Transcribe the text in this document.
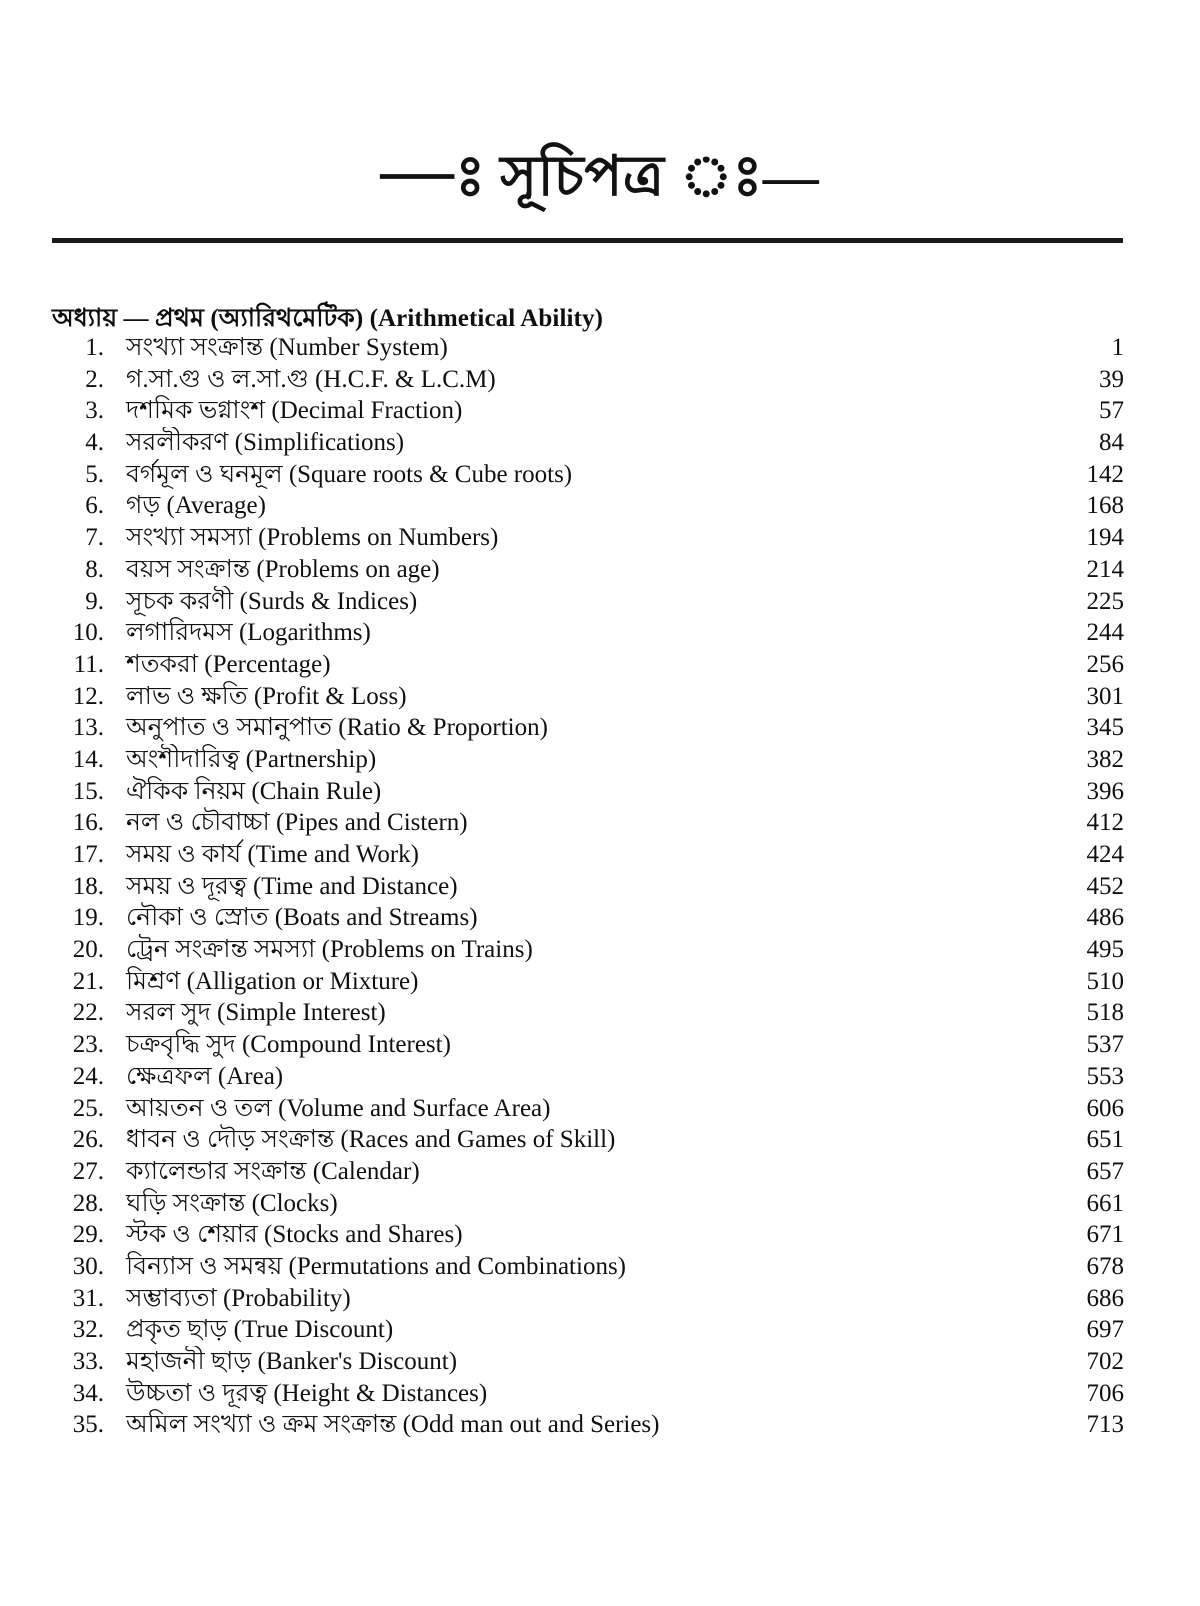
—ঃ সূচিপত্র ঃ—
অধ্যায় — প্রথম (অ্যারিথমেটিক) (Arithmetical Ability)
1. সংখ্যা সংক্রান্ত (Number System)	1
2. গ.সা.গু ও ল.সা.গু (H.C.F. & L.C.M)	39
3. দশমিক ভগ্নাংশ (Decimal Fraction)	57
4. সরলীকরণ (Simplifications)	84
5. বর্গমূল ও ঘনমূল (Square roots & Cube roots)	142
6. গড় (Average)	168
7. সংখ্যা সমস্যা (Problems on Numbers)	194
8. বয়স সংক্রান্ত (Problems on age)	214
9. সূচক করণী (Surds & Indices)	225
10. লগারিদমস (Logarithms)	244
11. শতকরা (Percentage)	256
12. লাভ ও ক্ষতি (Profit & Loss)	301
13. অনুপাত ও সমানুপাত (Ratio & Proportion)	345
14. অংশীদারিত্ব (Partnership)	382
15. ঐকিক নিয়ম (Chain Rule)	396
16. নল ও চৌবাচ্চা (Pipes and Cistern)	412
17. সময় ও কার্য (Time and Work)	424
18. সময় ও দূরত্ব (Time and Distance)	452
19. নৌকা ও স্রোত (Boats and Streams)	486
20. ট্রেন সংক্রান্ত সমস্যা (Problems on Trains)	495
21. মিশ্রণ (Alligation or Mixture)	510
22. সরল সুদ (Simple Interest)	518
23. চক্রবৃদ্ধি সুদ (Compound Interest)	537
24. ক্ষেত্রফল (Area)	553
25. আয়তন ও তল (Volume and Surface Area)	606
26. ধাবন ও দৌড় সংক্রান্ত (Races and Games of Skill)	651
27. ক্যালেন্ডার সংক্রান্ত (Calendar)	657
28. ঘড়ি সংক্রান্ত (Clocks)	661
29. স্টক ও শেয়ার (Stocks and Shares)	671
30. বিন্যাস ও সমন্বয় (Permutations and Combinations)	678
31. সম্ভাব্যতা (Probability)	686
32. প্রকৃত ছাড় (True Discount)	697
33. মহাজনী ছাড় (Banker's Discount)	702
34. উচ্চতা ও দূরত্ব (Height & Distances)	706
35. অমিল সংখ্যা ও ক্রম সংক্রান্ত (Odd man out and Series)	713
